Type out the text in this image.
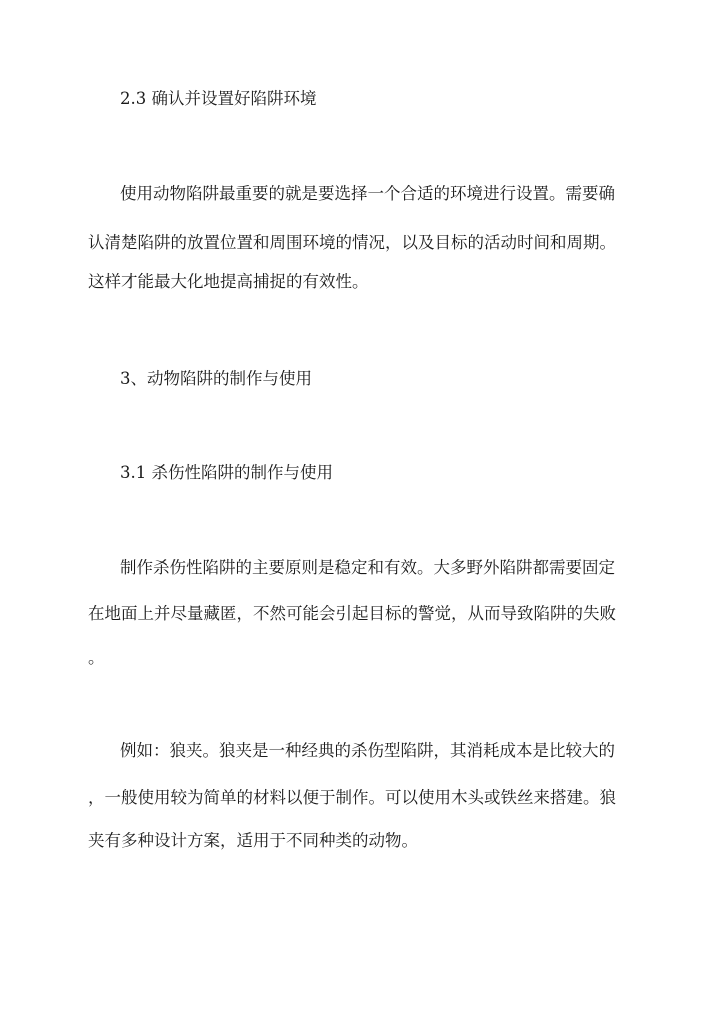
2.3 确认并设置好陷阱环境
使用动物陷阱最重要的就是要选择一个合适的环境进行设置。需要确
认清楚陷阱的放置位置和周围环境的情况，以及目标的活动时间和周期。
这样才能最大化地提高捕捉的有效性。
3、动物陷阱的制作与使用
3.1 杀伤性陷阱的制作与使用
制作杀伤性陷阱的主要原则是稳定和有效。大多野外陷阱都需要固定
在地面上并尽量藏匿，不然可能会引起目标的警觉，从而导致陷阱的失败
。
例如：狼夹。狼夹是一种经典的杀伤型陷阱，其消耗成本是比较大的
，一般使用较为简单的材料以便于制作。可以使用木头或铁丝来搭建。狼
夹有多种设计方案，适用于不同种类的动物。
